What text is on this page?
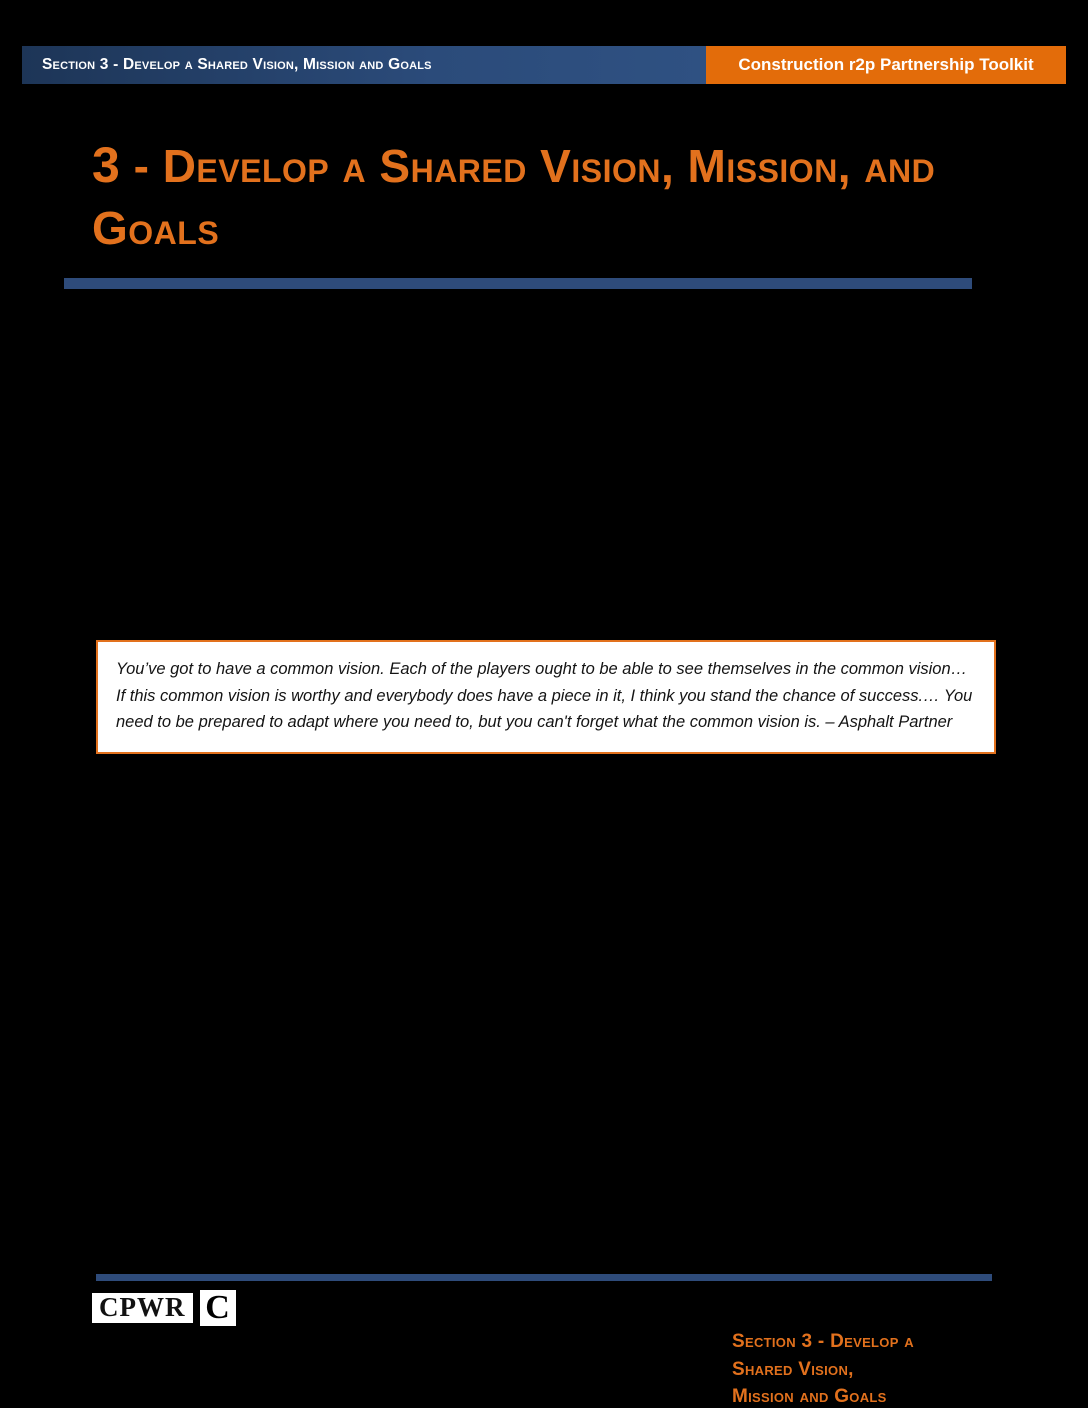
Section 3 - Develop a Shared Vision, Mission and Goals	Construction r2p Partnership Toolkit
3 - Develop a Shared Vision, Mission, and Goals

You’ve got to have a common vision. Each of the players ought to be able to see themselves in the common vision… If this common vision is worthy and everybody does have a piece in it, I think you stand the chance of success.… You need to be prepared to adapt where you need to, but you can't forget what the common vision is. – Asphalt Partner

CPWR C
Section 3 - Develop a
Shared Vision,
Mission and Goals
